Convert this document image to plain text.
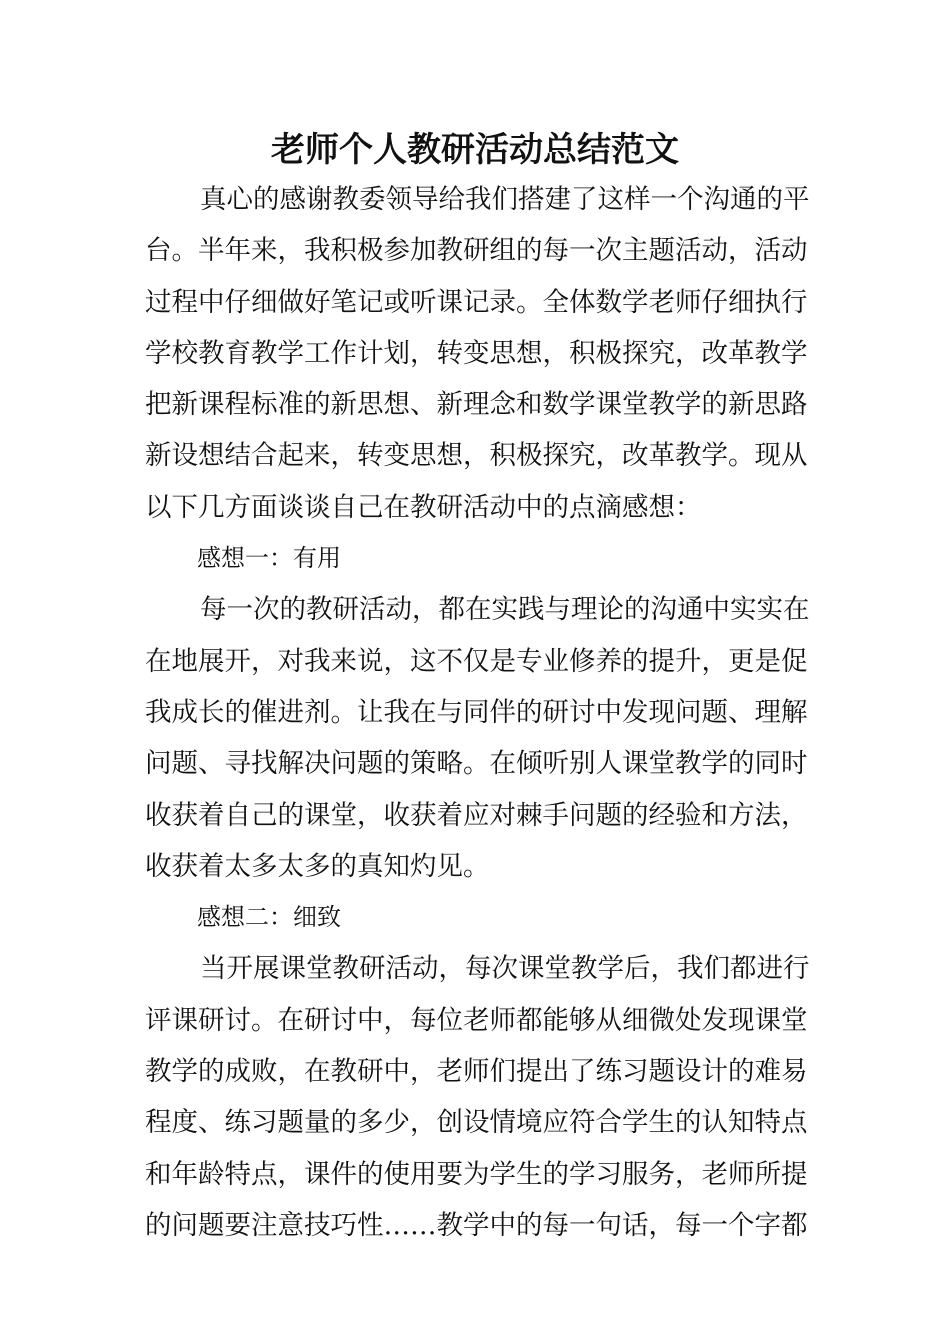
老师个人教研活动总结范文
真心的感谢教委领导给我们搭建了这样一个沟通的平
台。半年来，我积极参加教研组的每一次主题活动，活动
过程中仔细做好笔记或听课记录。全体数学老师仔细执行
学校教育教学工作计划，转变思想，积极探究，改革教学
把新课程标准的新思想、新理念和数学课堂教学的新思路
新设想结合起来，转变思想，积极探究，改革教学。现从
以下几方面谈谈自己在教研活动中的点滴感想：
感想一：有用
每一次的教研活动，都在实践与理论的沟通中实实在
在地展开，对我来说，这不仅是专业修养的提升，更是促
我成长的催进剂。让我在与同伴的研讨中发现问题、理解
问题、寻找解决问题的策略。在倾听别人课堂教学的同时
收获着自己的课堂，收获着应对棘手问题的经验和方法，
收获着太多太多的真知灼见。
感想二：细致
当开展课堂教研活动，每次课堂教学后，我们都进行
评课研讨。在研讨中，每位老师都能够从细微处发现课堂
教学的成败，在教研中，老师们提出了练习题设计的难易
程度、练习题量的多少，创设情境应符合学生的认知特点
和年龄特点，课件的使用要为学生的学习服务，老师所提
的问题要注意技巧性……教学中的每一句话，每一个字都
